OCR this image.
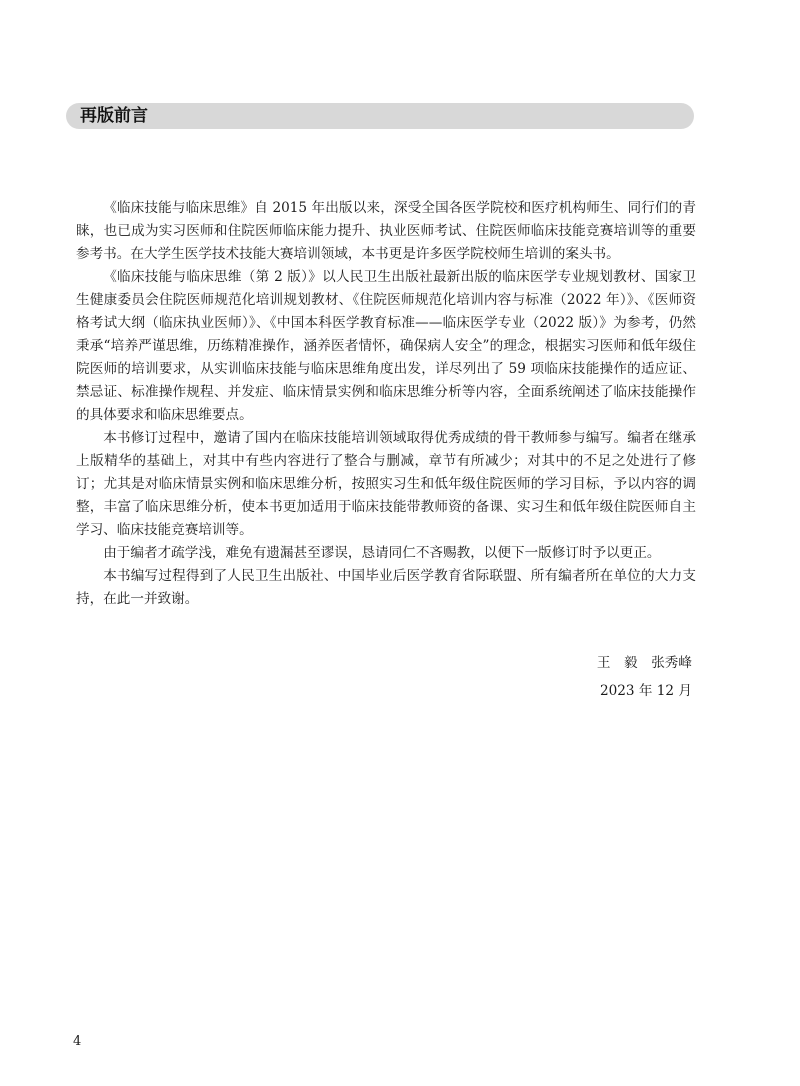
再版前言

《临床技能与临床思维》自 2015 年出版以来，深受全国各医学院校和医疗机构师生、同行们的青睐，也已成为实习医师和住院医师临床能力提升、执业医师考试、住院医师临床技能竞赛培训等的重要参考书。在大学生医学技术技能大赛培训领域，本书更是许多医学院校师生培训的案头书。

《临床技能与临床思维（第 2 版）》以人民卫生出版社最新出版的临床医学专业规划教材、国家卫生健康委员会住院医师规范化培训规划教材、《住院医师规范化培训内容与标准（2022 年）》、《医师资格考试大纲（临床执业医师）》、《中国本科医学教育标准——临床医学专业（2022 版）》为参考，仍然秉承“培养严谨思维，历练精准操作，涵养医者情怀，确保病人安全”的理念，根据实习医师和低年级住院医师的培训要求，从实训临床技能与临床思维角度出发，详尽列出了 59 项临床技能操作的适应证、禁忌证、标准操作规程、并发症、临床情景实例和临床思维分析等内容，全面系统阐述了临床技能操作的具体要求和临床思维要点。

本书修订过程中，邀请了国内在临床技能培训领域取得优秀成绩的骨干教师参与编写。编者在继承上版精华的基础上，对其中有些内容进行了整合与删减，章节有所减少；对其中的不足之处进行了修订；尤其是对临床情景实例和临床思维分析，按照实习生和低年级住院医师的学习目标，予以内容的调整，丰富了临床思维分析，使本书更加适用于临床技能带教师资的备课、实习生和低年级住院医师自主学习、临床技能竞赛培训等。

由于编者才疏学浅，难免有遗漏甚至谬误，恳请同仁不吝赐教，以便下一版修订时予以更正。

本书编写过程得到了人民卫生出版社、中国毕业后医学教育省际联盟、所有编者所在单位的大力支持，在此一并致谢。

王　毅　张秀峰
2023 年 12 月
4
